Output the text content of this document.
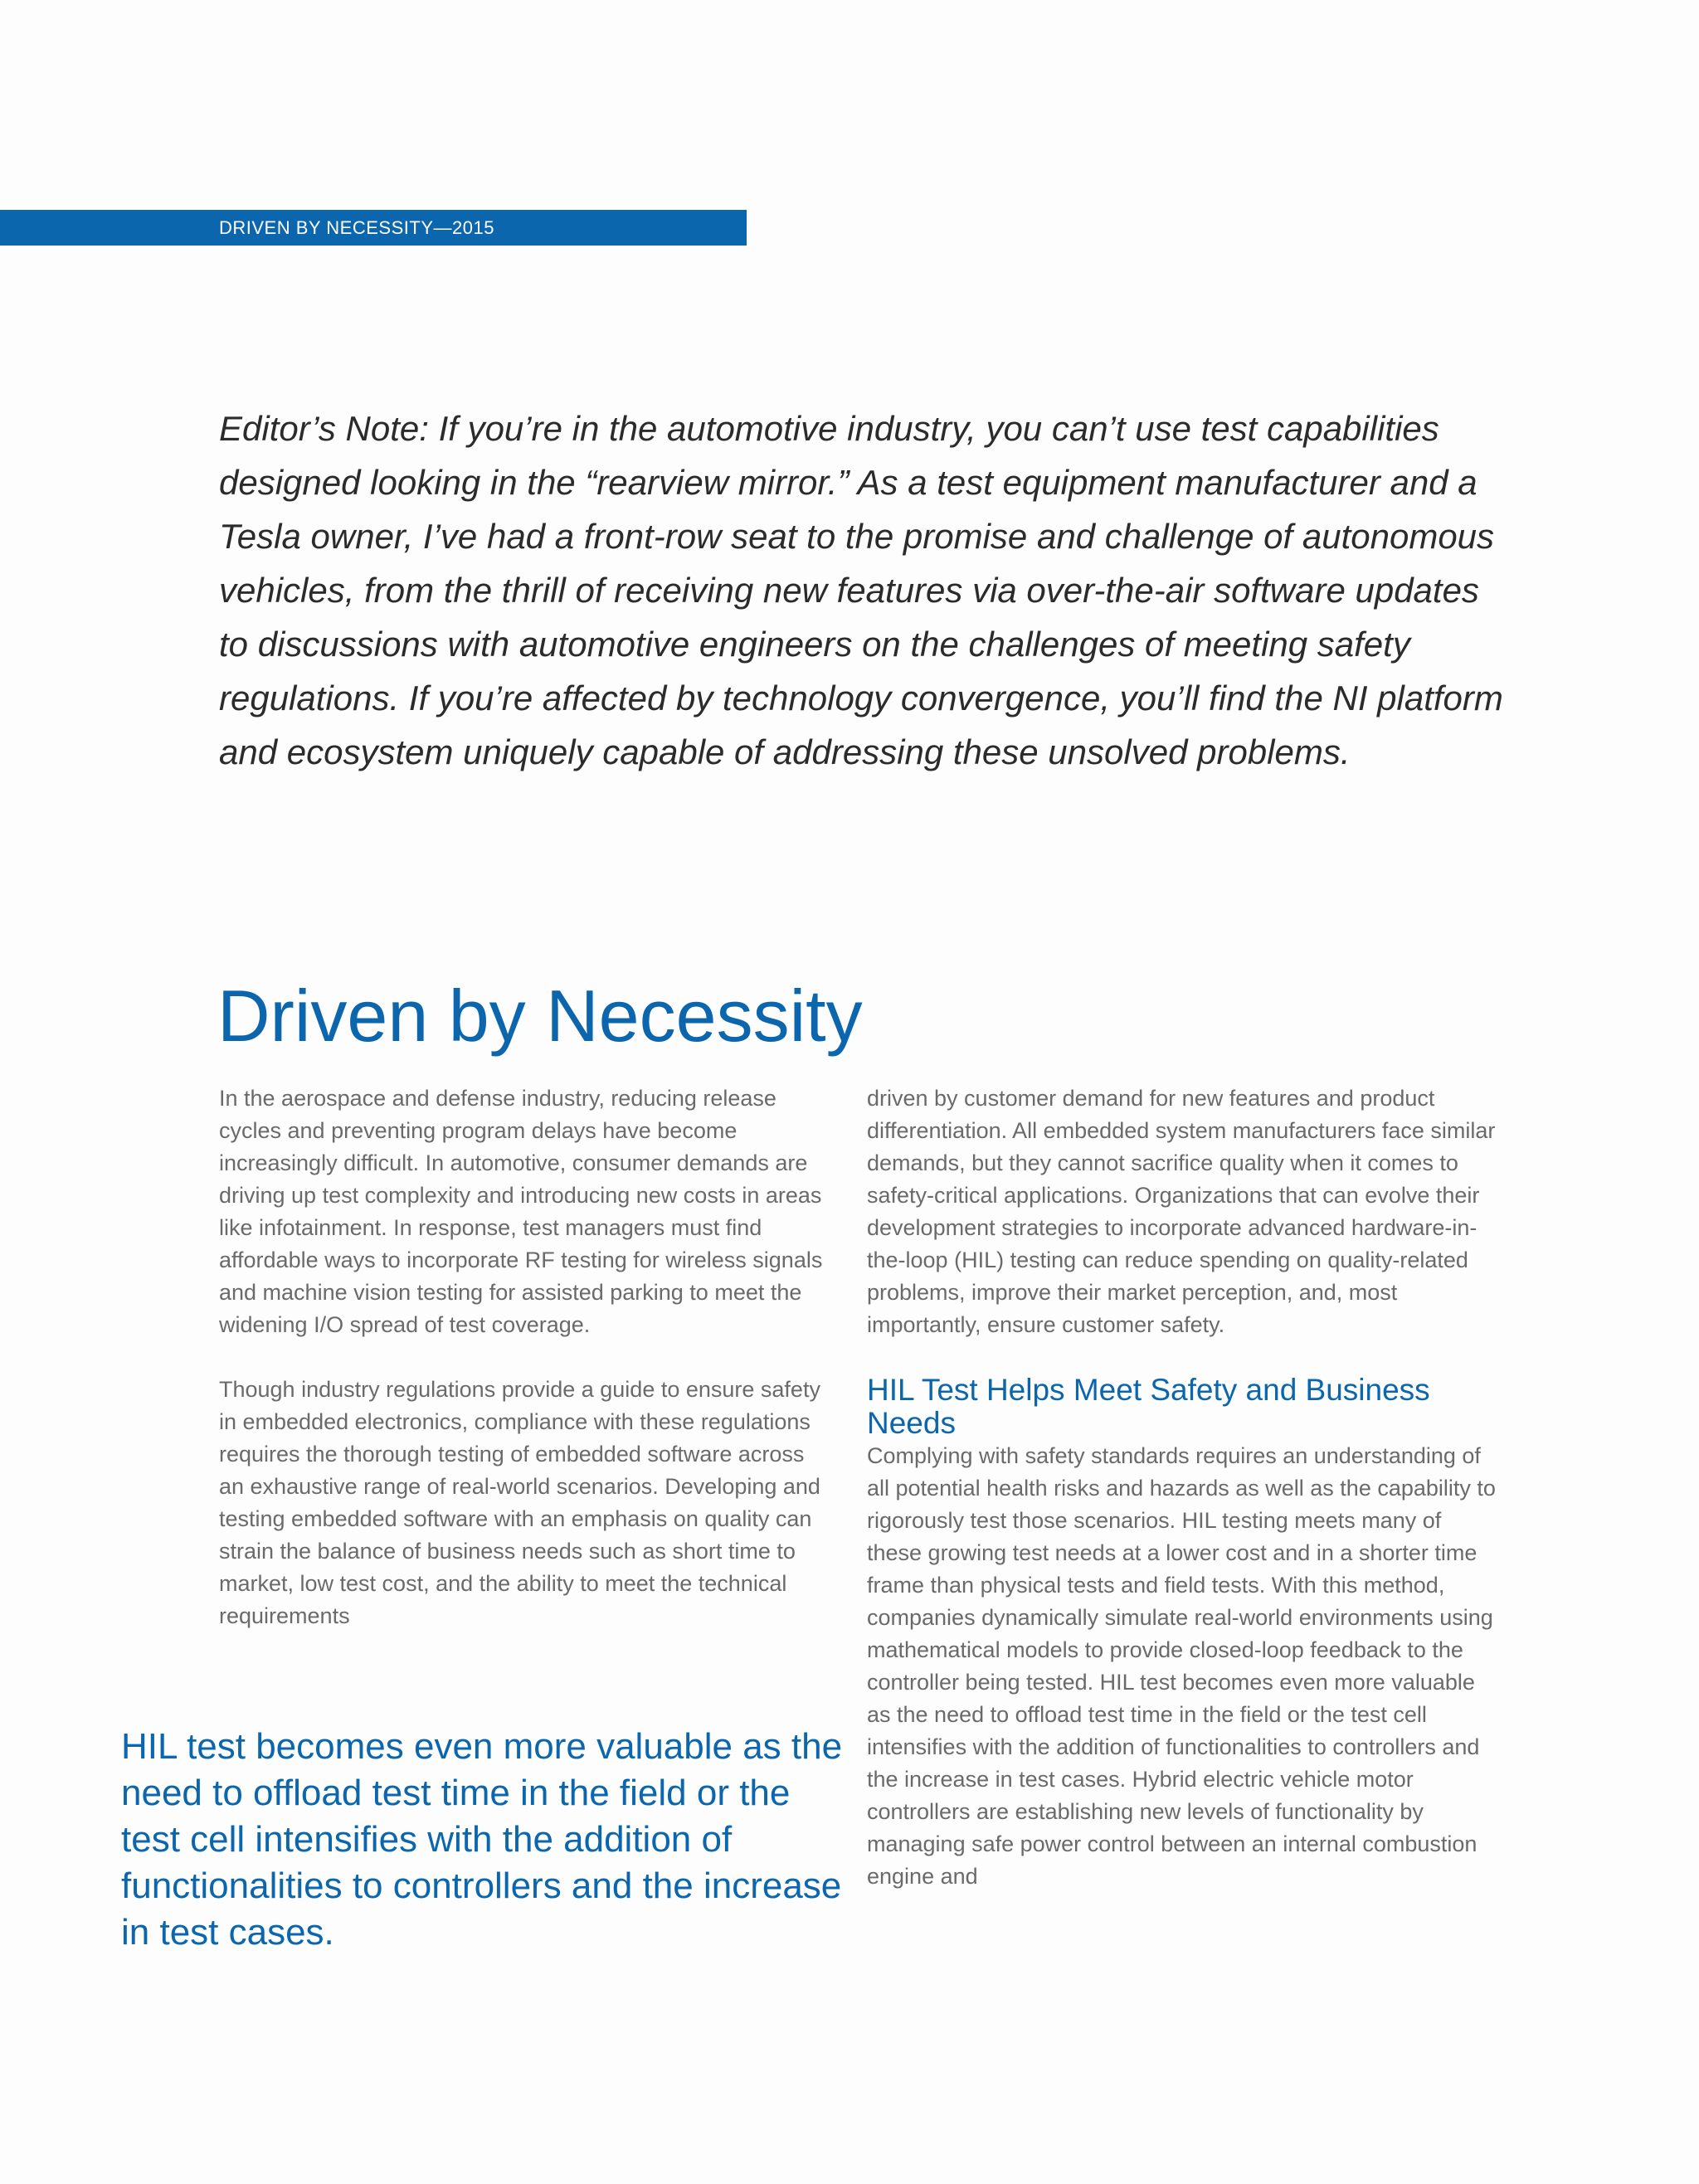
DRIVEN BY NECESSITY—2015

Editor’s Note: If you’re in the automotive industry, you can’t use test capabilities designed looking in the “rearview mirror.” As a test equipment manufacturer and a Tesla owner, I’ve had a front-row seat to the promise and challenge of autonomous vehicles, from the thrill of receiving new features via over-the-air software updates to discussions with automotive engineers on the challenges of meeting safety regulations. If you’re affected by technology convergence, you’ll find the NI platform and ecosystem uniquely capable of addressing these unsolved problems.

Driven by Necessity

In the aerospace and defense industry, reducing release cycles and preventing program delays have become increasingly difficult. In automotive, consumer demands are driving up test complexity and introducing new costs in areas like infotainment. In response, test managers must find affordable ways to incorporate RF testing for wireless signals and machine vision testing for assisted parking to meet the widening I/O spread of test coverage.

Though industry regulations provide a guide to ensure safety in embedded electronics, compliance with these regulations requires the thorough testing of embedded software across an exhaustive range of real-world scenarios. Developing and testing embedded software with an emphasis on quality can strain the balance of business needs such as short time to market, low test cost, and the ability to meet the technical requirements

HIL test becomes even more valuable as the need to offload test time in the field or the test cell intensifies with the addition of functionalities to controllers and the increase in test cases.

driven by customer demand for new features and product differentiation. All embedded system manufacturers face similar demands, but they cannot sacrifice quality when it comes to safety-critical applications. Organizations that can evolve their development strategies to incorporate advanced hardware-in-the-loop (HIL) testing can reduce spending on quality-related problems, improve their market perception, and, most importantly, ensure customer safety.

HIL Test Helps Meet Safety and Business Needs

Complying with safety standards requires an understanding of all potential health risks and hazards as well as the capability to rigorously test those scenarios. HIL testing meets many of these growing test needs at a lower cost and in a shorter time frame than physical tests and field tests. With this method, companies dynamically simulate real-world environments using mathematical models to provide closed-loop feedback to the controller being tested. HIL test becomes even more valuable as the need to offload test time in the field or the test cell intensifies with the addition of functionalities to controllers and the increase in test cases. Hybrid electric vehicle motor controllers are establishing new levels of functionality by managing safe power control between an internal combustion engine and
